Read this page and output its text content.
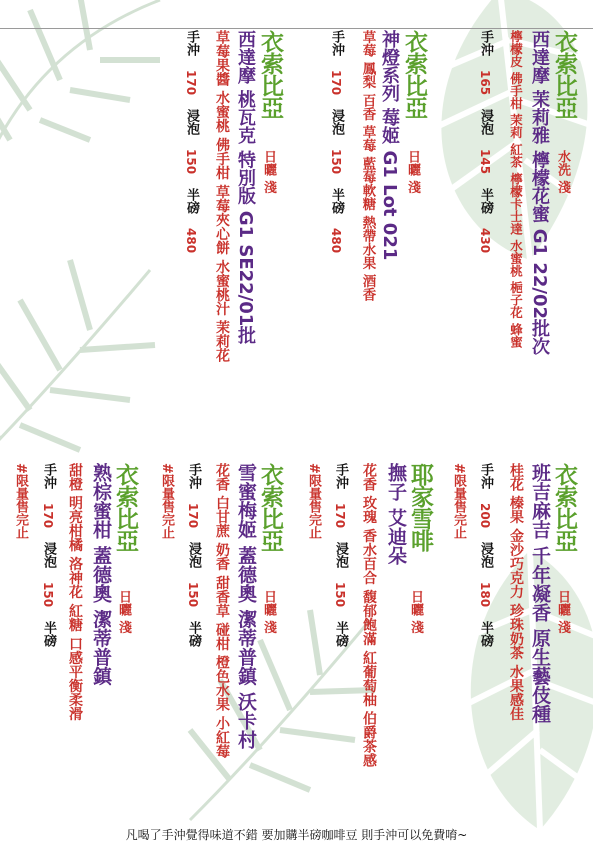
衣索比亞
水洗 淺
西達摩 茉莉雅 檸檬花蜜 G1 22/02批次
檸檬皮 佛手柑 茉莉 紅茶 檸檬卡士達 水蜜桃 梔子花 蜂蜜
手沖165浸泡145半磅430
衣索比亞
日曬 淺
神燈系列 莓姬 G1 Lot 021
草莓 鳳梨 百香 草莓 藍莓軟糖 熱帶水果 酒香
手沖170浸泡150半磅480
衣索比亞
日曬 淺
西達摩 桃瓦克 特別版 G1 SE22/01批
草莓果醬 水蜜桃 佛手柑 草莓夾心餅 水蜜桃汁 茉莉花
手沖170浸泡150半磅480
衣索比亞
日曬 淺
班吉麻吉 千年凝香 原生藝伎種
桂花 榛果 金沙巧克力 珍珠奶茶 水果感佳
手沖200浸泡180半磅
#限量售完止
耶家雪啡
日曬 淺
撫子 艾迪朵
花香 玫瑰 香水百合 馥郁飽滿 紅葡萄柚 伯爵茶感
手沖170浸泡150半磅
#限量售完止
衣索比亞
日曬 淺
雪蜜梅姬 蓋德奧 潔蒂普鎮 沃卡村
花香 白甘蔗 奶香 甜香草 碰柑 橙色水果 小紅莓
手沖170浸泡150半磅
#限量售完止
衣索比亞
日曬 淺
熟棕蜜柑 蓋德奧 潔蒂普鎮
甜橙 明亮柑橘 洛神花 紅糖 口感平衡柔滑
手沖170浸泡150半磅
#限量售完止
凡喝了手沖覺得味道不錯 要加購半磅咖啡豆 則手沖可以免費唷~
